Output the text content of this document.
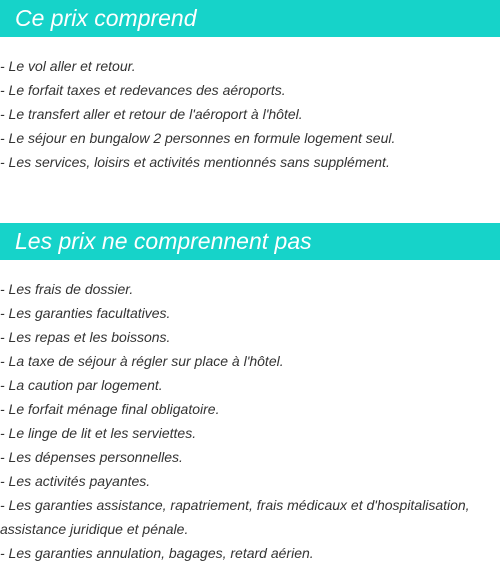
Ce prix comprend
- Le vol aller et retour.
- Le forfait taxes et redevances des aéroports.
- Le transfert aller et retour de l'aéroport à l'hôtel.
- Le séjour en bungalow 2 personnes en formule logement seul.
- Les services, loisirs et activités mentionnés sans supplément.
Les prix ne comprennent pas
- Les frais de dossier.
- Les garanties facultatives.
- Les repas et les boissons.
- La taxe de séjour à régler sur place à l'hôtel.
- La caution par logement.
- Le forfait ménage final obligatoire.
- Le linge de lit et les serviettes.
- Les dépenses personnelles.
- Les activités payantes.
- Les garanties assistance, rapatriement, frais médicaux et d'hospitalisation,
assistance juridique et pénale.
- Les garanties annulation, bagages, retard aérien.
